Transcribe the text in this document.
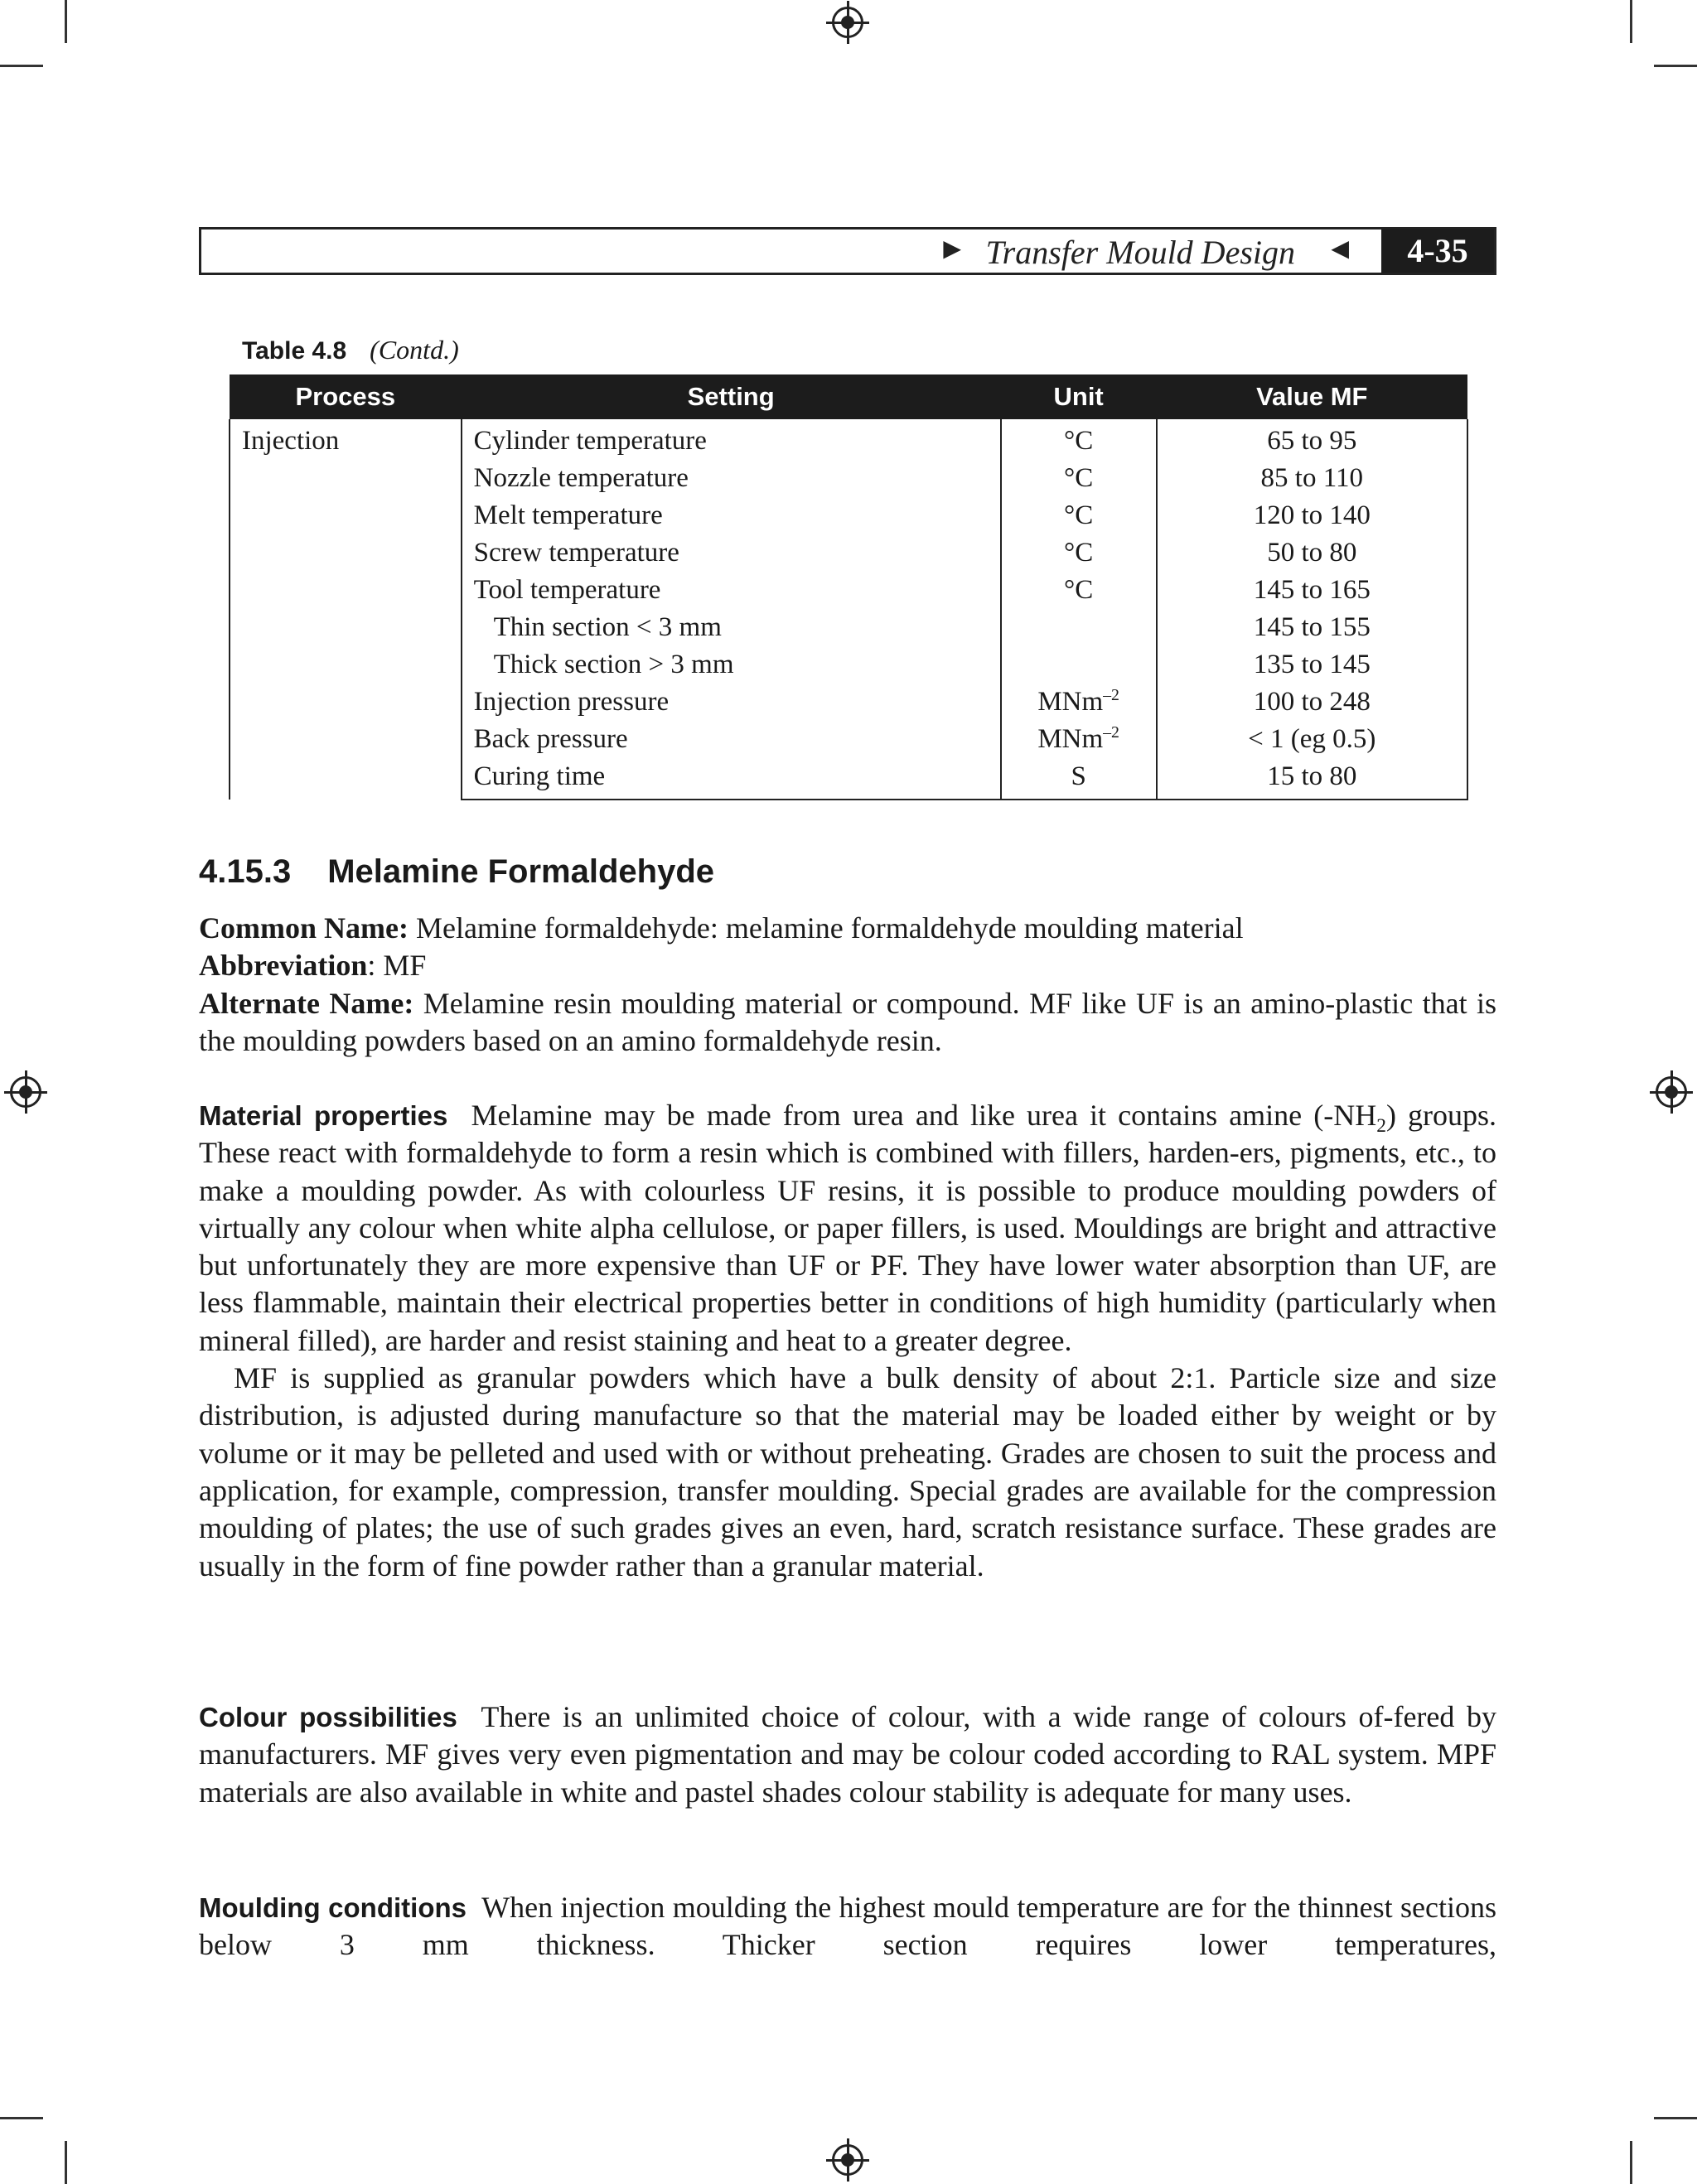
► Transfer Mould Design ◄	4-35
Table 4.8 (Contd.)
Process	Setting	Unit	Value MF
Injection	Cylinder temperature	°C	65 to 95
	Nozzle temperature	°C	85 to 110
	Melt temperature	°C	120 to 140
	Screw temperature	°C	50 to 80
	Tool temperature	°C	145 to 165
	Thin section < 3 mm		145 to 155
	Thick section > 3 mm		135 to 145
	Injection pressure	MNm$^{-2}$	100 to 248
	Back pressure	MNm$^{-2}$	< 1 (eg 0.5)
	Curing time	S	15 to 80
4.15.3 Melamine Formaldehyde

Common Name: Melamine formaldehyde: melamine formaldehyde moulding material

Abbreviation: MF

Alternate Name: Melamine resin moulding material or compound. MF like UF is an amino-plastic that is the moulding powders based on an amino formaldehyde resin.

Material properties Melamine may be made from urea and like urea it contains amine $(-NH_2)$ groups. These react with formaldehyde to form a resin which is combined with fillers, harden-ers, pigments, etc., to make a moulding powder. As with colourless UF resins, it is possible to produce moulding powders of virtually any colour when white alpha cellulose, or paper fillers, is used. Mouldings are bright and attractive but unfortunately they are more expensive than UF or PF. They have lower water absorption than UF, are less flammable, maintain their electrical properties better in conditions of high humidity (particularly when mineral filled), are harder and resist staining and heat to a greater degree.

MF is supplied as granular powders which have a bulk density of about 2:1. Particle size and size distribution, is adjusted during manufacture so that the material may be loaded either by weight or by volume or it may be pelleted and used with or without preheating. Grades are chosen to suit the process and application, for example, compression, transfer moulding. Special grades are available for the compression moulding of plates; the use of such grades gives an even, hard, scratch resistance surface. These grades are usually in the form of fine powder rather than a granular material.

Colour possibilities There is an unlimited choice of colour, with a wide range of colours of-fered by manufacturers. MF gives very even pigmentation and may be colour coded according to RAL system. MPF materials are also available in white and pastel shades colour stability is adequate for many uses.

Moulding conditions When injection moulding the highest mould temperature are for the thinnest sections below 3 mm thickness. Thicker section requires lower temperatures,
